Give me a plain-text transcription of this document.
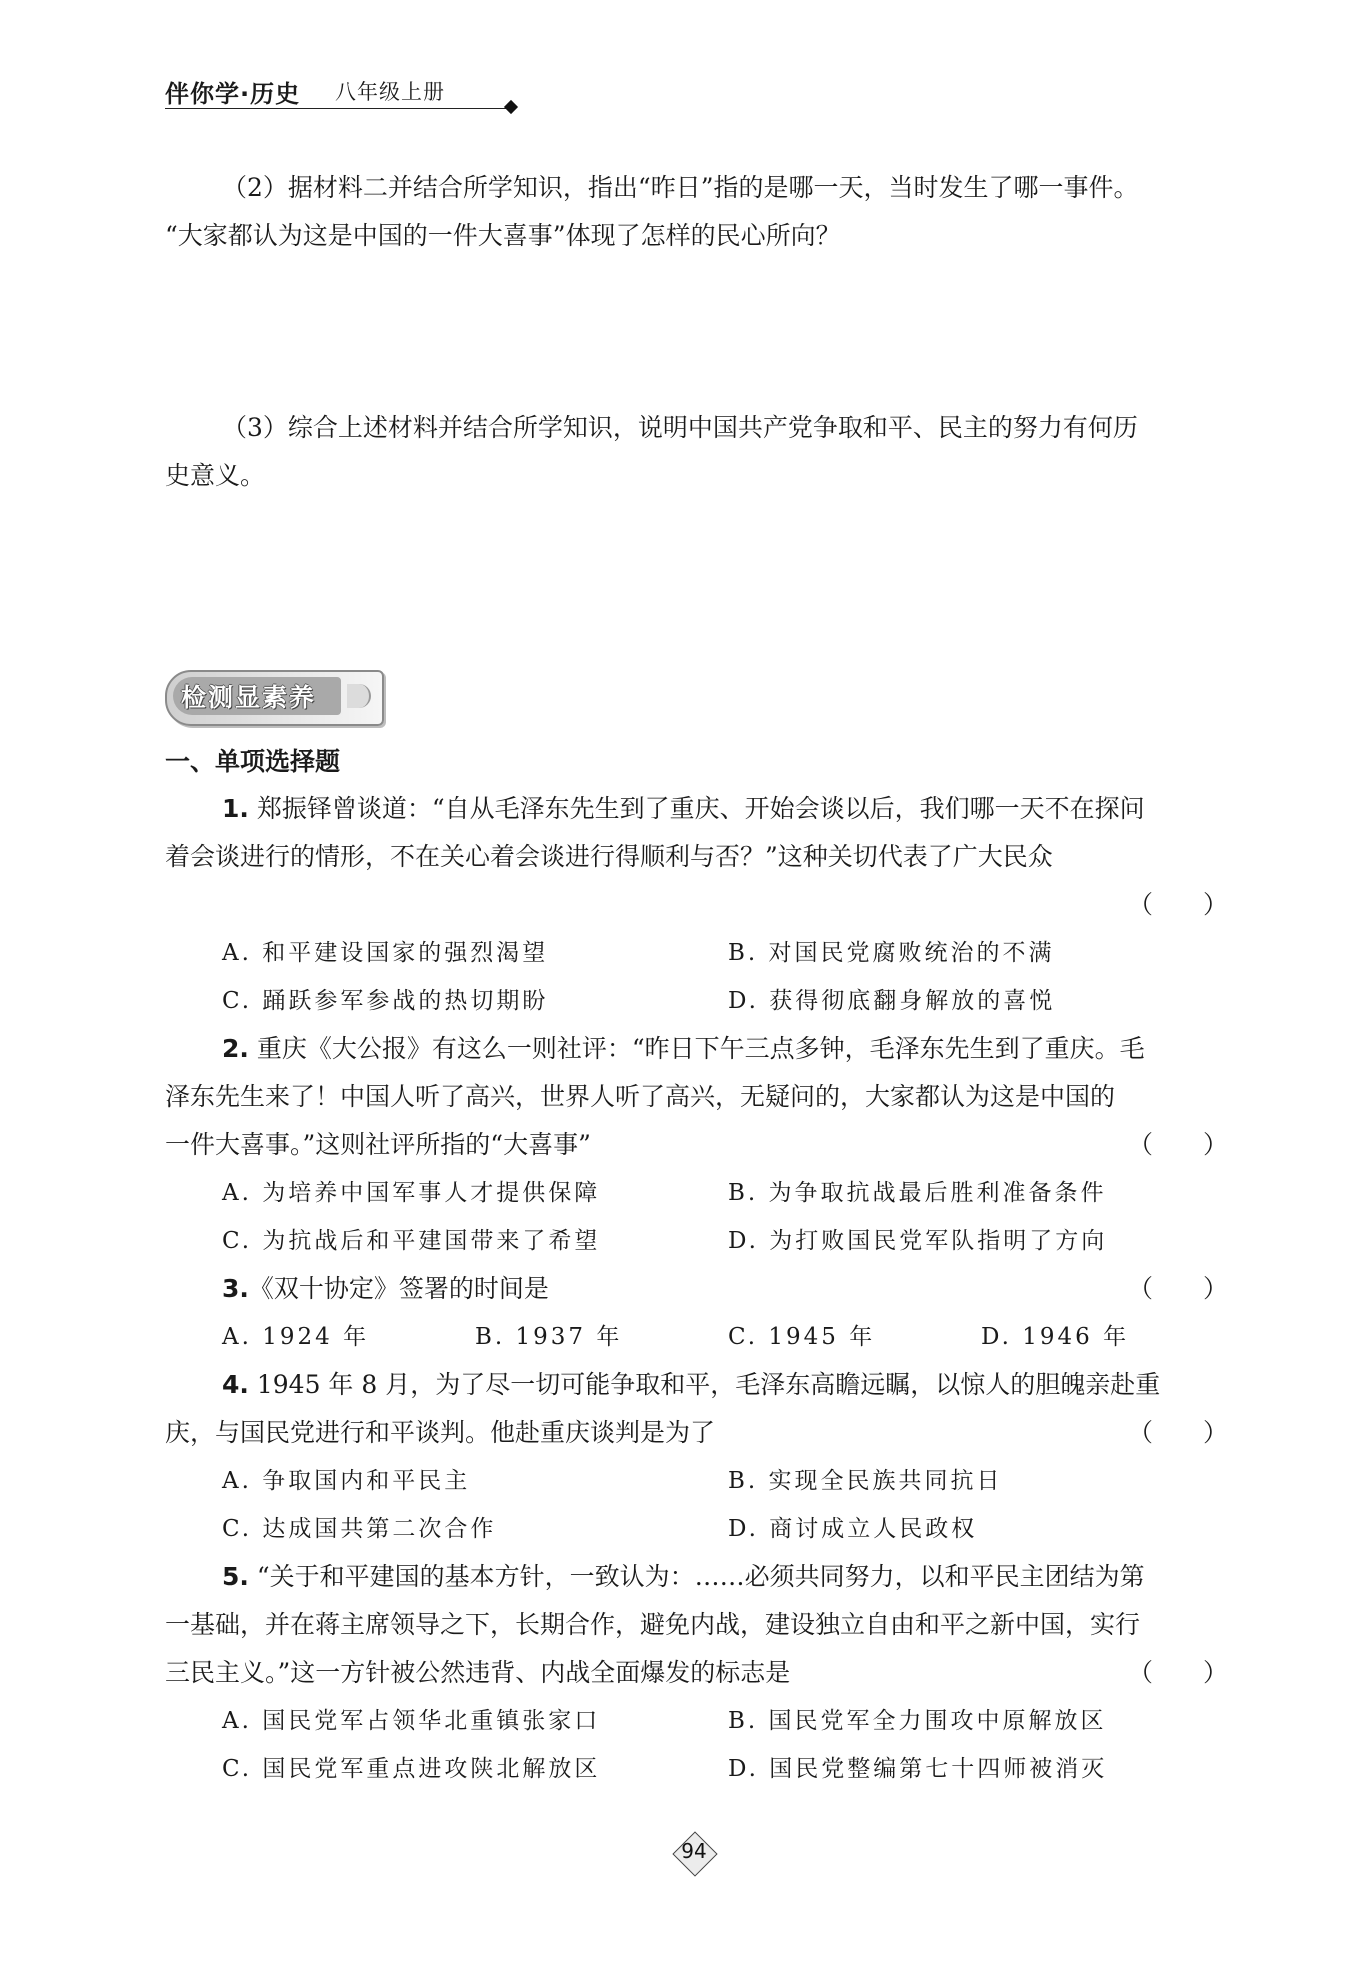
伴你学·历史 八年级上册
（2）据材料二并结合所学知识，指出“昨日”指的是哪一天，当时发生了哪一事件。
“大家都认为这是中国的一件大喜事”体现了怎样的民心所向？
（3）综合上述材料并结合所学知识，说明中国共产党争取和平、民主的努力有何历
史意义。
检测显素养
一、单项选择题
1. 郑振铎曾谈道：“自从毛泽东先生到了重庆、开始会谈以后，我们哪一天不在探问
着会谈进行的情形，不在关心着会谈进行得顺利与否？”这种关切代表了广大民众
（　　）
A. 和平建设国家的强烈渴望	B. 对国民党腐败统治的不满
C. 踊跃参军参战的热切期盼	D. 获得彻底翻身解放的喜悦
2. 重庆《大公报》有这么一则社评：“昨日下午三点多钟，毛泽东先生到了重庆。毛
泽东先生来了！中国人听了高兴，世界人听了高兴，无疑问的，大家都认为这是中国的
一件大喜事。”这则社评所指的“大喜事”	（　　）
A. 为培养中国军事人才提供保障	B. 为争取抗战最后胜利准备条件
C. 为抗战后和平建国带来了希望	D. 为打败国民党军队指明了方向
3.《双十协定》签署的时间是	（　　）
A. 1924 年	B. 1937 年	C. 1945 年	D. 1946 年
4. 1945 年 8 月，为了尽一切可能争取和平，毛泽东高瞻远瞩，以惊人的胆魄亲赴重
庆，与国民党进行和平谈判。他赴重庆谈判是为了	（　　）
A. 争取国内和平民主	B. 实现全民族共同抗日
C. 达成国共第二次合作	D. 商讨成立人民政权
5. “关于和平建国的基本方针，一致认为：……必须共同努力，以和平民主团结为第
一基础，并在蒋主席领导之下，长期合作，避免内战，建设独立自由和平之新中国，实行
三民主义。”这一方针被公然违背、内战全面爆发的标志是	（　　）
A. 国民党军占领华北重镇张家口	B. 国民党军全力围攻中原解放区
C. 国民党军重点进攻陕北解放区	D. 国民党整编第七十四师被消灭
94
